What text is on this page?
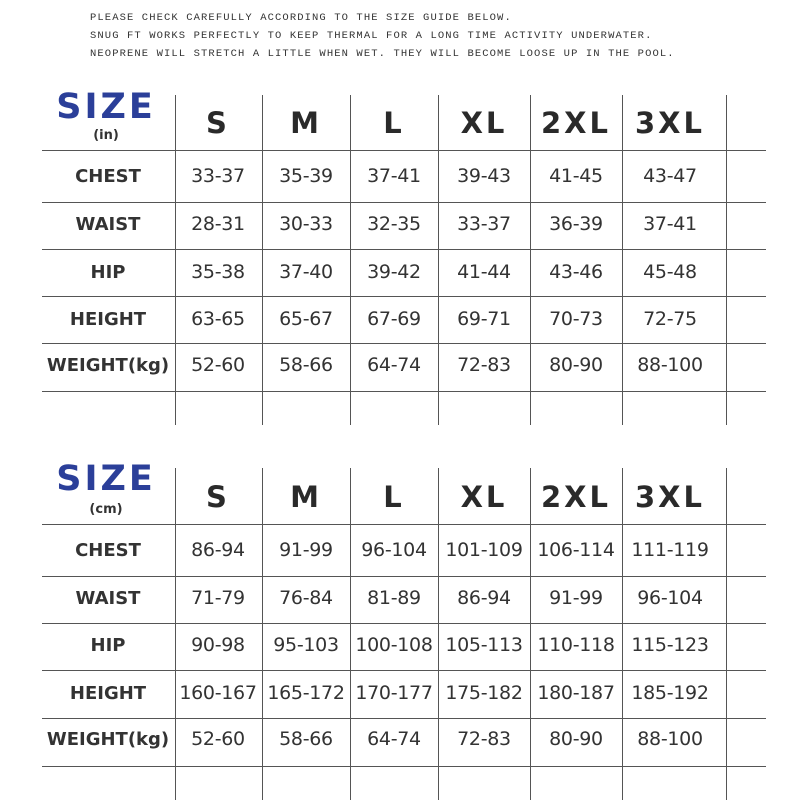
PLEASE CHECK CAREFULLY ACCORDING TO THE SIZE GUIDE BELOW.
SNUG FT WORKS PERFECTLY TO KEEP THERMAL FOR A LONG TIME ACTIVITY UNDERWATER.
NEOPRENE WILL STRETCH A LITTLE WHEN WET. THEY WILL BECOME LOOSE UP IN THE POOL.
SIZE
(in)	S	M	L	XL	2XL 3XL
CHEST	33-37	35-39	37-41	39-43	41-45	43-47
WAIST	28-31	30-33	32-35	33-37	36-39	37-41
HIP	35-38	37-40	39-42	41-44	43-46	45-48
HEIGHT	63-65	65-67	67-69	69-71	70-73	72-75
WEIGHT(kg)	52-60	58-66	64-74	72-83	80-90	88-100
SIZE
(cm)	S	M	L	XL	2XL 3XL
CHEST	86-94	91-99	96-104 101-109 106-114 111-119
WAIST	71-79	76-84	81-89	86-94	91-99	96-104
HIP	90-98	95-103 100-108 105-113 110-118 115-123
HEIGHT	160-167 165-172 170-177 175-182 180-187 185-192
WEIGHT(kg)	52-60	58-66	64-74	72-83	80-90	88-100
